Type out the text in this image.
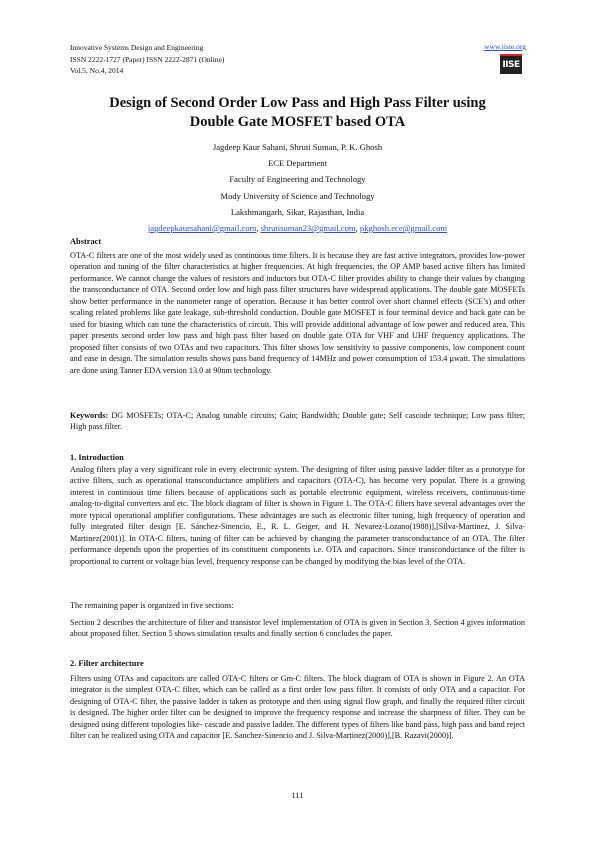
Innovative Systems Design and Engineering
ISSN 2222-1727 (Paper) ISSN 2222-2871 (Online)
Vol.5, No.4, 2014
www.iiste.org
IISE
Design of Second Order Low Pass and High Pass Filter using
Double Gate MOSFET based OTA
Jagdeep Kaur Sahani, Shruti Suman, P. K. Ghosh
ECE Department
Faculty of Engineering and Technology
Mody University of Science and Technology
Lakshmangarh, Sikar, Rajasthan, India
jagdeepkaursahani@gmail.com, shrutisuman23@gmail.com, pkghosh.ece@gmail.com
Abstract
OTA-C filters are one of the most widely used as continuous time filters. It is because they are fast active integrators, provides low-power operation and tuning of the filter characteristics at higher frequencies. At high frequencies, the OP AMP based active filters has limited performance. We cannot change the values of resistors and inductors but OTA-C filter provides ability to change their values by changing the transconductance of OTA. Second order low and high pass filter structures have widespread applications. The double gate MOSFETs show better performance in the nanometer range of operation. Because it has better control over short channel effects (SCE’s) and other scaling related problems like gate leakage, sub-threshold conduction. Double gate MOSFET is four terminal device and back gate can be used for biasing which can tune the characteristics of circuit. This will provide additional advantage of low power and reduced area. This paper presents second order low pass and high pass filter based on double gate OTA for VHF and UHF frequency applications. The proposed filter consists of two OTAs and two capacitors. This filter shows low sensitivity to passive components, low component count and ease in design. The simulation results shows pass band frequency of 14MHz and power consumption of 153.4 μwatt. The simulations are done using Tanner EDA version 13.0 at 90nm technology.
Keywords: DG MOSFETs; OTA-C; Analog tunable circuits; Gain; Bandwidth; Double gate; Self cascode technique; Low pass filter; High pass filter.
1. Introduction
Analog filters play a very significant role in every electronic system. The designing of filter using passive ladder filter as a prototype for active filters, such as operational transconductance amplifiers and capacitors (OTA-C), has become very popular. There is a growing interest in continuous time filters because of applications such as portable electronic equipment, wireless receivers, continuous-time analog-to-digital converters and etc. The block diagram of filter is shown in Figure 1. The OTA-C filters have several advantages over the more typical operational amplifier configurations. These advantages are such as electronic filter tuning, high frequency of operation and fully integrated filter design [E. Sánchez-Sinencio, E., R. L. Geiger, and H. Nevarez-Lozano(1988)],[Silva-Martinez, J. Silva-Martinez(2001)]. In OTA-C filters, tuning of filter can be achieved by changing the parameter transconductance of an OTA. The filter performance depends upon the properties of its constituent components i.e. OTA and capacitors. Since transconductance of the filter is proportional to current or voltage bias level, frequency response can be changed by modifying the bias level of the OTA.
The remaining paper is organized in five sections:
Section 2 describes the architecture of filter and transistor level implementation of OTA is given in Section 3. Section 4 gives information about proposed filter. Section 5 shows simulation results and finally section 6 concludes the paper.
2. Filter architecture
Filters using OTAs and capacitors are called OTA-C filters or Gm-C filters. The block diagram of OTA is shown in Figure 2. An OTA integrator is the simplest OTA-C filter, which can be called as a first order low pass filter. It consists of only OTA and a capacitor. For designing of OTA-C filter, the passive ladder is taken as prototype and then using signal flow graph, and finally the required filter circuit is designed. The higher order filter can be designed to improve the frequency response and increase the sharpness of filter. They can be designed using different topologies like- cascade and passive ladder. The different types of filters like band pass, high pass and band reject filter can be realized using OTA and capacitor [E. Sanchez-Sinencio and J. Silva-Martinez(2000)],[B. Razavi(2000)].
111
